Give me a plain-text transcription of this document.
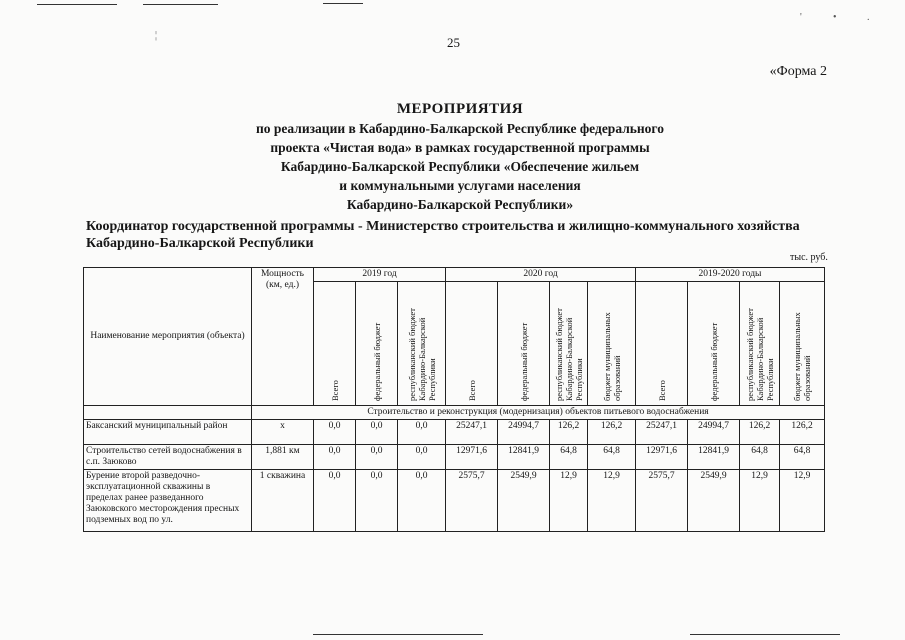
¦
'	•	.
25
«Форма 2
МЕРОПРИЯТИЯ
по реализации в Кабардино-Балкарской Республике федерального
проекта «Чистая вода» в рамках государственной программы
Кабардино-Балкарской Республики «Обеспечение жильем
и коммунальными услугами населения
Кабардино-Балкарской Республики»
Координатор государственной программы - Министерство строительства и жилищно-коммунального хозяйства Кабардино-Балкарской Республики
тыс. руб.
Наименование мероприятия (объекта)	Мощность (км, ед.)	2019 год			2020 год				2019-2020 годы			

		Всего	федеральный бюджет	республиканский бюджет Кабардино-Балкарской Республики	Всего	федеральный бюджет	республиканский бюджет Кабардино-Балкарской Республики	бюджет муниципальных образований	Всего	федеральный бюджет	республиканский бюджет Кабардино-Балкарской Республики	бюджет муниципальных образований

	Строительство и реконструкция (модернизация) объектов питьевого водоснабжения											
Баксанский муниципальный район	х	0,0	0,0	0,0	25247,1	24994,7	126,2	126,2	25247,1	24994,7	126,2	126,2
Строительство сетей водоснабжения в с.п. Заюково	1,881 км	0,0	0,0	0,0	12971,6	12841,9	64,8	64,8	12971,6	12841,9	64,8	64,8
Бурение второй разведочно-эксплуатационной скважины в пределах ранее разведанного Заюковского месторождения пресных подземных вод по ул.	1 скважина	0,0	0,0	0,0	2575,7	2549,9	12,9	12,9	2575,7	2549,9	12,9	12,9
